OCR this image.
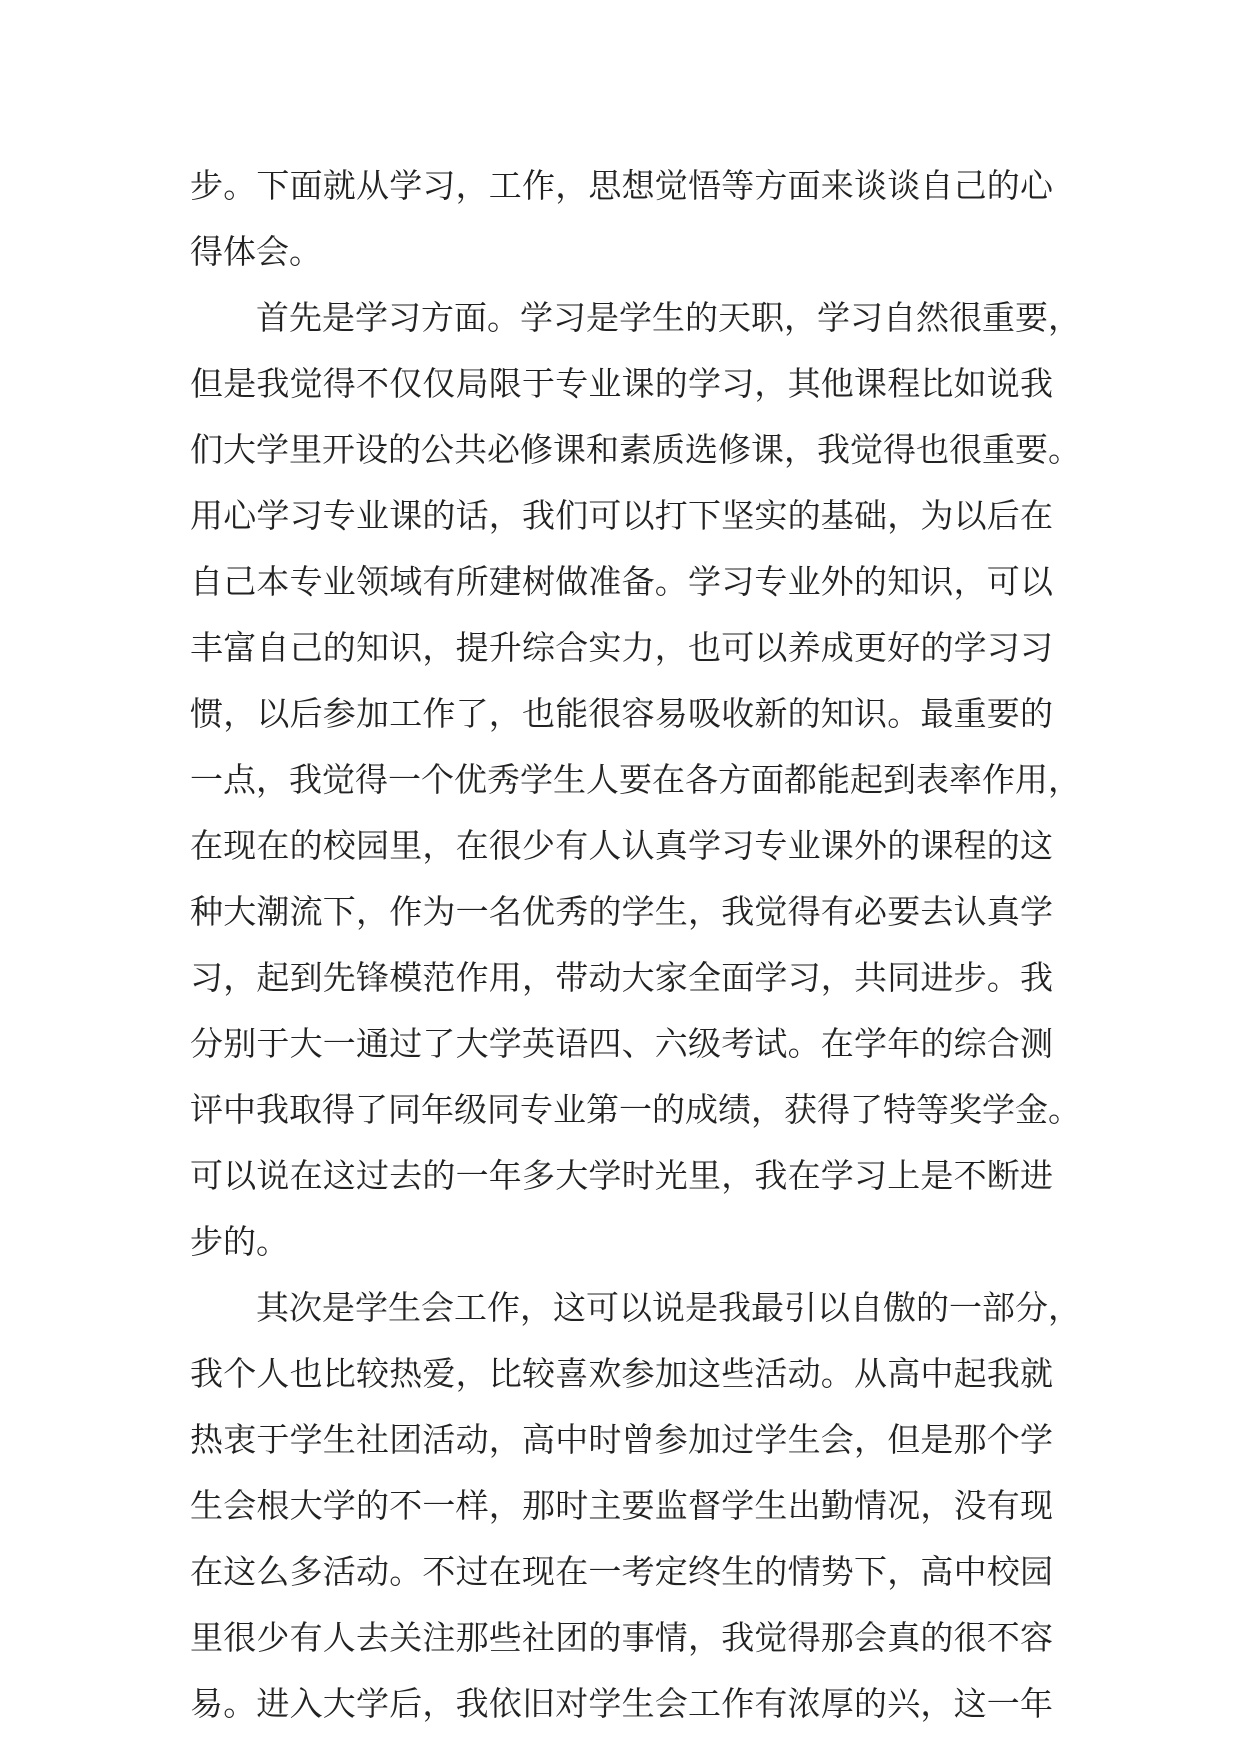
步。下面就从学习，工作，思想觉悟等方面来谈谈自己的心
得体会。
首先是学习方面。学习是学生的天职，学习自然很重要，
但是我觉得不仅仅局限于专业课的学习，其他课程比如说我
们大学里开设的公共必修课和素质选修课，我觉得也很重要。
用心学习专业课的话，我们可以打下坚实的基础，为以后在
自己本专业领域有所建树做准备。学习专业外的知识，可以
丰富自己的知识，提升综合实力，也可以养成更好的学习习
惯，以后参加工作了，也能很容易吸收新的知识。最重要的
一点，我觉得一个优秀学生人要在各方面都能起到表率作用，
在现在的校园里，在很少有人认真学习专业课外的课程的这
种大潮流下，作为一名优秀的学生，我觉得有必要去认真学
习，起到先锋模范作用，带动大家全面学习，共同进步。我
分别于大一通过了大学英语四、六级考试。在学年的综合测
评中我取得了同年级同专业第一的成绩，获得了特等奖学金。
可以说在这过去的一年多大学时光里，我在学习上是不断进
步的。
其次是学生会工作，这可以说是我最引以自傲的一部分，
我个人也比较热爱，比较喜欢参加这些活动。从高中起我就
热衷于学生社团活动，高中时曾参加过学生会，但是那个学
生会根大学的不一样，那时主要监督学生出勤情况，没有现
在这么多活动。不过在现在一考定终生的情势下，高中校园
里很少有人去关注那些社团的事情，我觉得那会真的很不容
易。进入大学后，我依旧对学生会工作有浓厚的兴，这一年
